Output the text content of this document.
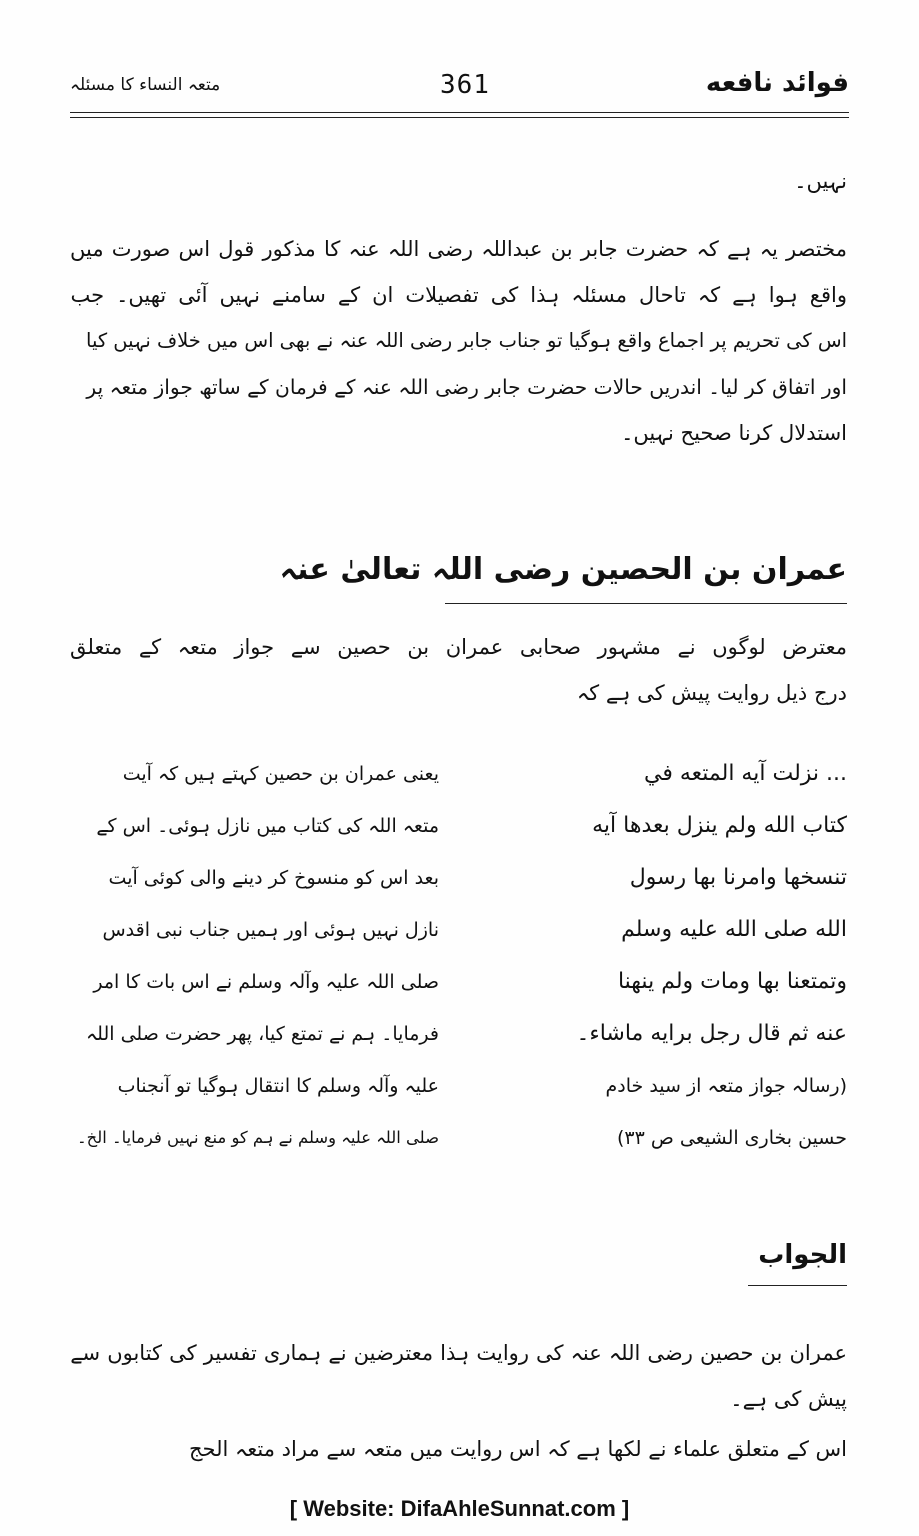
فوائد نافعه
361
متعہ النساء کا مسئلہ
نہیں۔
مختصر یہ ہے کہ حضرت جابر بن عبداللہ رضی اللہ عنہ کا مذکور قول اس صورت میں
واقع ہوا ہے کہ تاحال مسئلہ ہذا کی تفصیلات ان کے سامنے نہیں آئی تھیں۔ جب
اس کی تحریم پر اجماع واقع ہوگیا تو جناب جابر رضی اللہ عنہ نے بھی اس میں خلاف نہیں کیا
اور اتفاق کر لیا۔ اندریں حالات حضرت جابر رضی اللہ عنہ کے فرمان کے ساتھ جواز متعہ پر
استدلال کرنا صحیح نہیں۔
عمران بن الحصین رضی اللہ تعالیٰ عنہ
معترض لوگوں نے مشہور صحابی عمران بن حصین سے جواز متعہ کے متعلق
درج ذیل روایت پیش کی ہے کہ
... نزلت آيه المتعه في
كتاب الله ولم ينزل بعدها آيه
تنسخها وامرنا بها رسول
الله صلى الله عليه وسلم
وتمتعنا بها ومات ولم ينهنا
عنه ثم قال رجل برايه ماشاء۔
(رسالہ جواز متعہ از سید خادم
حسین بخاری الشیعی ص ۳۳)
یعنی عمران بن حصین کہتے ہیں کہ آیت
متعہ اللہ کی کتاب میں نازل ہوئی۔ اس کے
بعد اس کو منسوخ کر دینے والی کوئی آیت
نازل نہیں ہوئی اور ہمیں جناب نبی اقدس
صلی اللہ علیہ وآلہ وسلم نے اس بات کا امر
فرمایا۔ ہم نے تمتع کیا، پھر حضرت صلی اللہ
علیہ وآلہ وسلم کا انتقال ہوگیا تو آنجناب
صلی اللہ علیہ وسلم نے ہم کو منع نہیں فرمایا۔ الخ۔
الجواب
عمران بن حصین رضی اللہ عنہ کی روایت ہذا معترضین نے ہماری تفسیر کی کتابوں سے
پیش کی ہے۔
اس کے متعلق علماء نے لکھا ہے کہ اس روایت میں متعہ سے مراد متعہ الحج
[ Website: DifaAhleSunnat.com ]
